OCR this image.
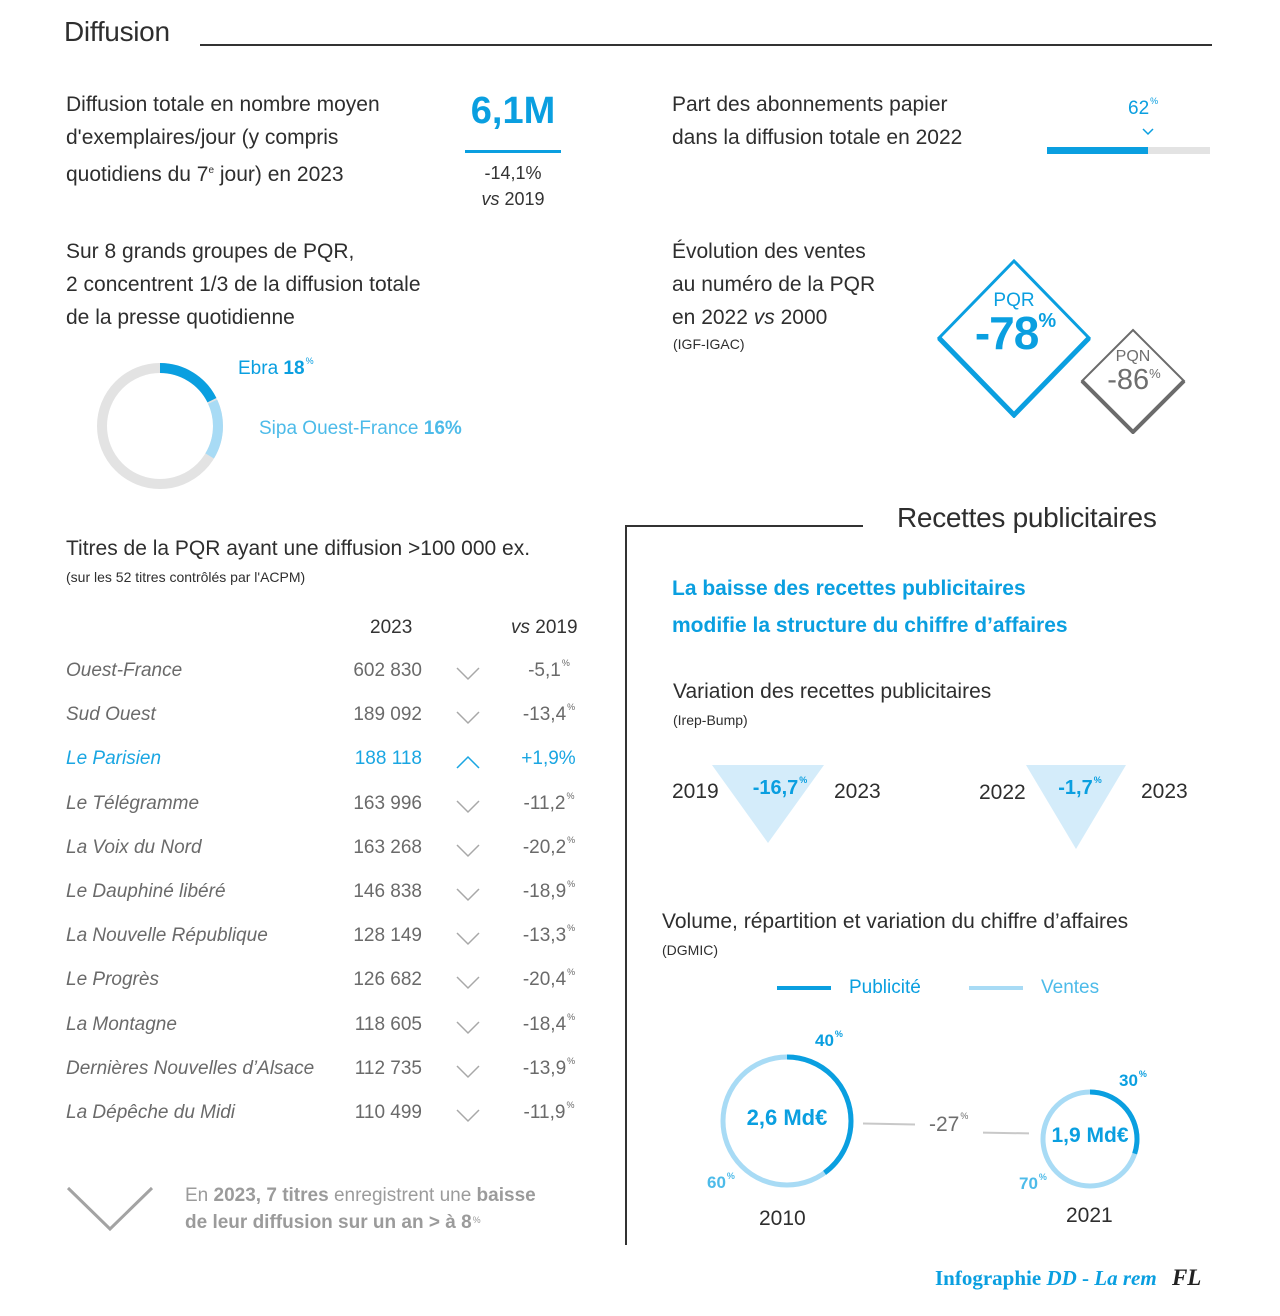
Diffusion
Diffusion totale en nombre moyen
d'exemplaires/jour (y compris
quotidiens du 7e jour) en 2023
6,1M
-14,1%
vs 2019
Part des abonnements papier
dans la diffusion totale en 2022
62%
Sur 8 grands groupes de PQR,
2 concentrent 1/3 de la diffusion totale
de la presse quotidienne
Ebra 18%
Sipa Ouest-France 16%
Évolution des ventes
au numéro de la PQR
en 2022 vs 2000
(IGF-IGAC)
PQR
-78%
PQN
-86%
Titres de la PQR ayant une diffusion >100 000 ex.
(sur les 52 titres contrôlés par l'ACPM)
2023	vs 2019
Ouest-France	602 830	-5,1%
Sud Ouest	189 092	-13,4%
Le Parisien	188 118	+1,9%
Le Télégramme	163 996	-11,2%
La Voix du Nord	163 268	-20,2%
Le Dauphiné libéré	146 838	-18,9%
La Nouvelle République	128 149	-13,3%
Le Progrès	126 682	-20,4%
La Montagne	118 605	-18,4%
Dernières Nouvelles d’Alsace 112 735	-13,9%
La Dépêche du Midi	110 499	-11,9%
En 2023, 7 titres enregistrent une baisse
de leur diffusion sur un an > à 8%
Recettes publicitaires
La baisse des recettes publicitaires
modifie la structure du chiffre d’affaires
Variation des recettes publicitaires
(Irep-Bump)
2019	-16,7%	2023	2022	-1,7%	2023
Volume, répartition et variation du chiffre d’affaires
(DGMIC)
Publicité	Ventes
2,6 Md€
40%
60%
2010
-27%
1,9 Md€
30%
70%
2021
Infographie DD - La rem FL
